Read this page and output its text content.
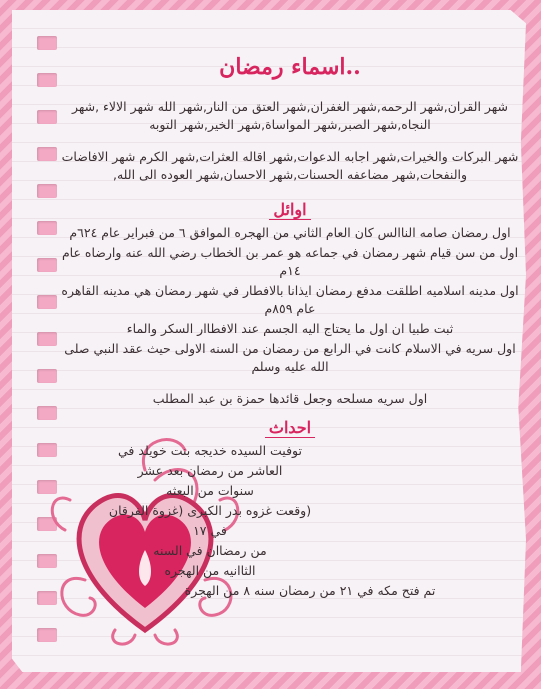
..اسماء رمضان

شهر القران,شهر الرحمه,شهر الغفران,شهر العتق من النار,شهر الله شهر الالاء ,شهر النجاه,شهر الصبر,شهر المواساة,شهر الخير,شهر التوبه

شهر البركات والخيرات,شهر اجابه الدعوات,شهر اقاله العثرات,شهر الكرم شهر الافاضات والنفحات,شهر مضاعفه الحسنات,شهر الاحسان,شهر العوده الى الله,

اوائل

اول رمضان صامه الناالس كان العام الثاني من الهجره الموافق ٦ من فبراير عام ٦٢٤م

اول من سن قيام شهر رمضان في جماعه هو عمر بن الخطاب رضي الله عنه وارضاه عام ١٤م

اول مدينه اسلاميه اطلقت مدفع رمضان ايذانا بالافطار في شهر رمضان هي مدينه القاهره عام ٨٥٩م

ثبت طبيا ان اول ما يحتاج اليه الجسم عند الافطاار السكر والماء

اول سريه في الاسلام كانت في الرابع من رمضان من السنه الاولى حيث عقد النبي صلى الله عليه وسلم

اول سريه مسلحه وجعل قائدها حمزة بن عبد المطلب

احداث

توفيت السيده خديجه بنت خويلد في

العاشر من رمضان بعد عشر

سنوات من البعثه

(وقعت غزوه بدر الكبرى (غزوة الفرقان

في ١٧

من رمضاان في السنه

الثاانيه من الهجره

تم فتح مكه في ٢١ من رمضان سنه ٨ من الهجرة
